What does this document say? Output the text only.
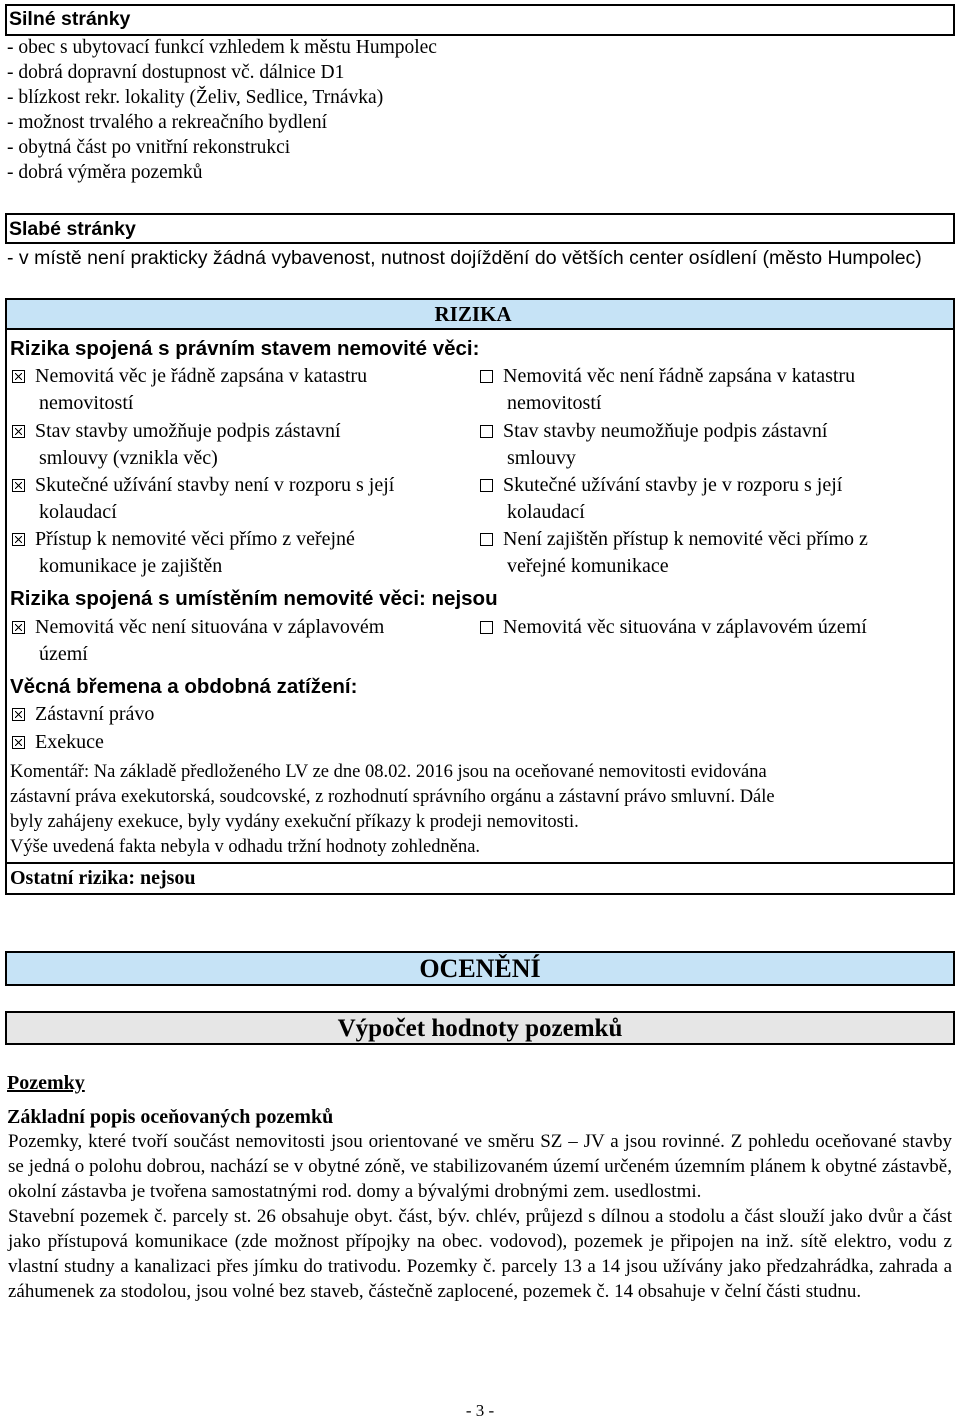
Silné stránky
- obec s ubytovací funkcí vzhledem k městu Humpolec
- dobrá dopravní dostupnost vč. dálnice D1
- blízkost rekr. lokality (Želiv, Sedlice, Trnávka)
- možnost trvalého a rekreačního bydlení
- obytná část po vnitřní rekonstrukci
- dobrá výměra pozemků
Slabé stránky
- v místě není prakticky žádná vybavenost, nutnost dojíždění do větších center osídlení (město Humpolec)
RIZIKA
Rizika spojená s právním stavem nemovité věci:
Nemovitá věc je řádně zapsána v katastru
nemovitostí
Nemovitá věc není řádně zapsána v katastru
nemovitostí
Stav stavby umožňuje podpis zástavní
smlouvy (vznikla věc)
Stav stavby neumožňuje podpis zástavní
smlouvy
Skutečné užívání stavby není v rozporu s její
kolaudací
Skutečné užívání stavby je v rozporu s její
kolaudací
Přístup k nemovité věci přímo z veřejné
komunikace je zajištěn
Není zajištěn přístup k nemovité věci přímo z
veřejné komunikace
Rizika spojená s umístěním nemovité věci: nejsou
Nemovitá věc není situována v záplavovém
území
Nemovitá věc situována v záplavovém území
Věcná břemena a obdobná zatížení:
Zástavní právo
Exekuce
Komentář: Na základě předloženého LV ze dne 08.02. 2016 jsou na oceňované nemovitosti evidována
zástavní práva exekutorská, soudcovské, z rozhodnutí správního orgánu a zástavní právo smluvní. Dále
byly zahájeny exekuce, byly vydány exekuční příkazy k prodeji nemovitosti.
Výše uvedená fakta nebyla v odhadu tržní hodnoty zohledněna.
Ostatní rizika: nejsou
OCENĚNÍ
Výpočet hodnoty pozemků
Pozemky
Základní popis oceňovaných pozemků

Pozemky, které tvoří součást nemovitosti jsou orientované ve směru SZ – JV a jsou rovinné. Z pohledu oceňované stavby se jedná o polohu dobrou, nachází se v obytné zóně, ve stabilizovaném území určeném územním plánem k obytné zástavbě, okolní zástavba je tvořena samostatnými rod. domy a bývalými drobnými zem. usedlostmi.

Stavební pozemek č. parcely st. 26 obsahuje obyt. část, býv. chlév, průjezd s dílnou a stodolu a část slouží jako dvůr a část jako přístupová komunikace (zde možnost přípojky na obec. vodovod), pozemek je připojen na inž. sítě elektro, vodu z vlastní studny a kanalizaci přes jímku do trativodu. Pozemky č. parcely 13 a 14 jsou užívány jako předzahrádka, zahrada a záhumenek za stodolou, jsou volné bez staveb, částečně zaplocené, pozemek č. 14 obsahuje v čelní části studnu.

- 3 -
